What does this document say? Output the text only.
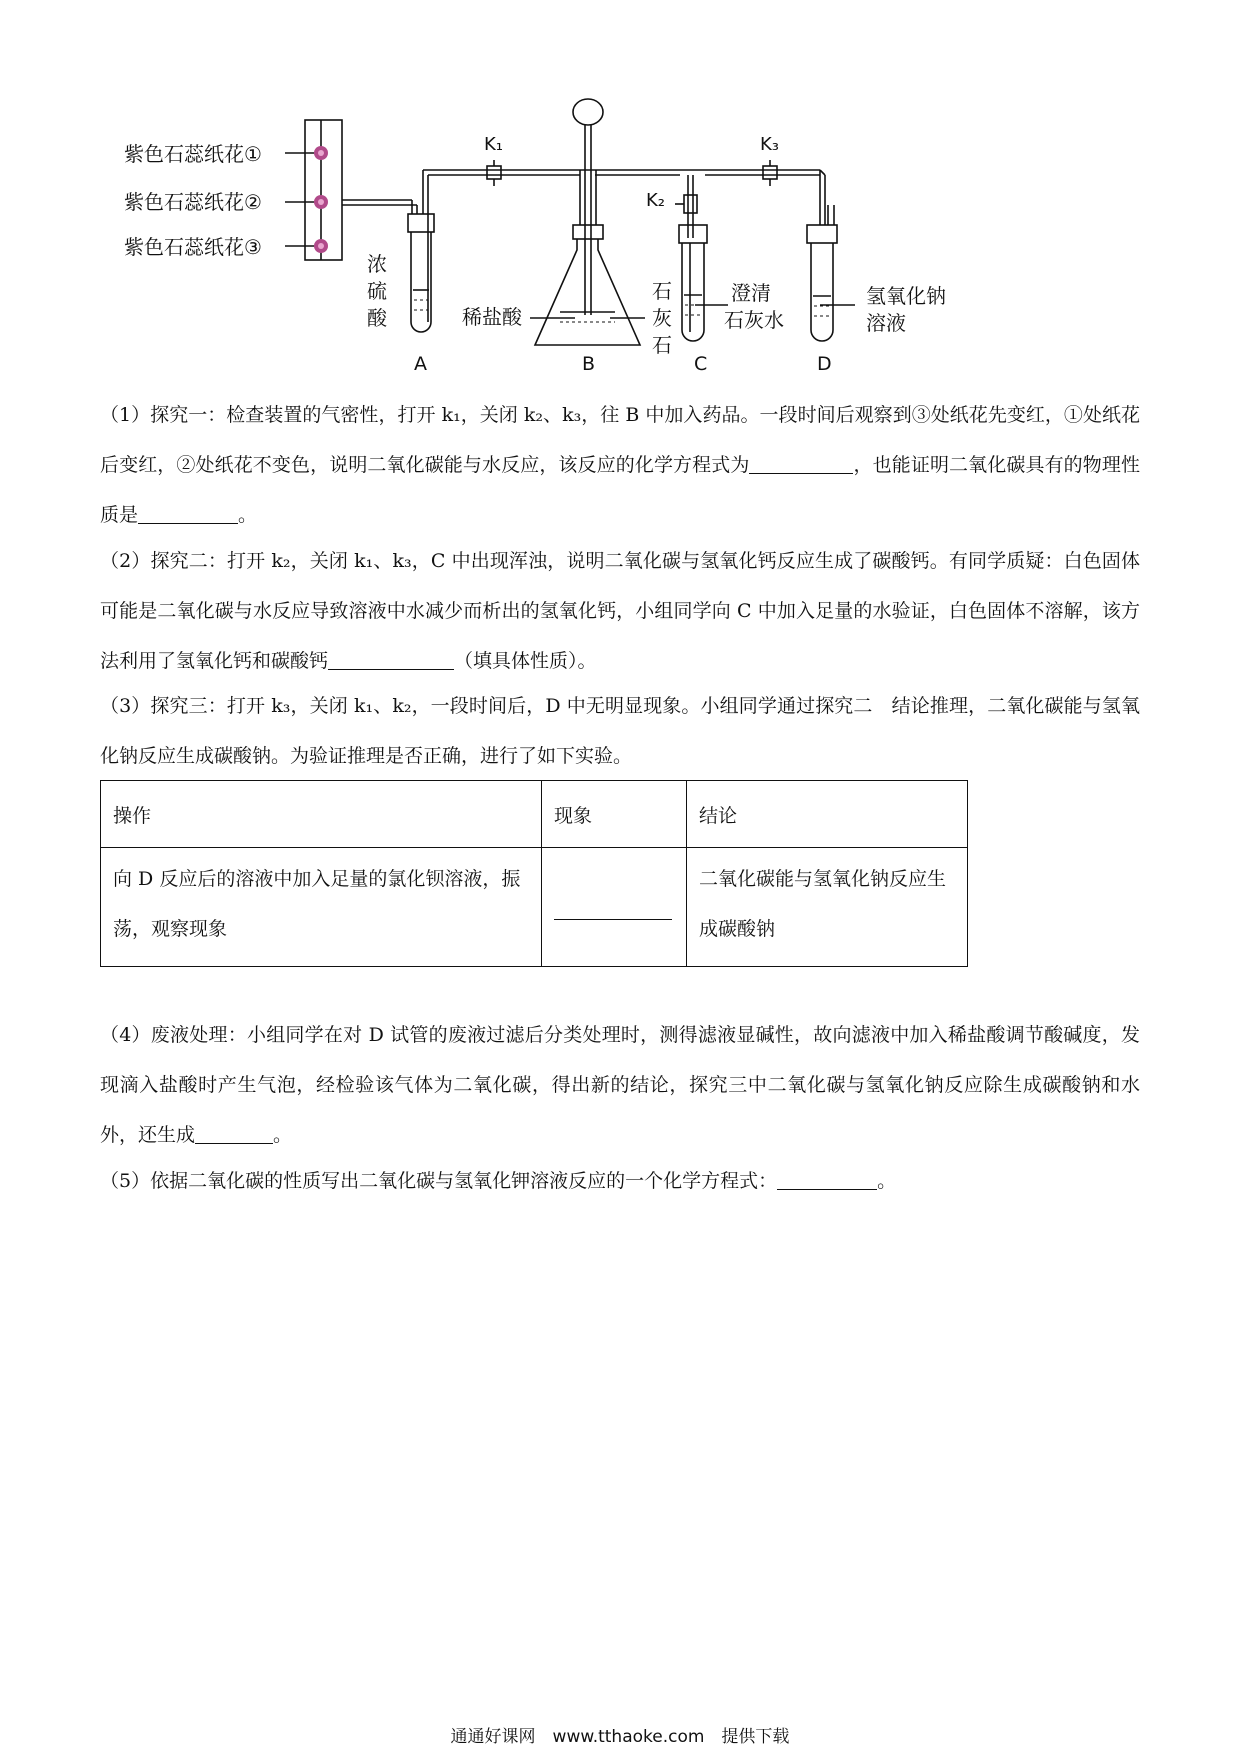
紫色石蕊纸花①
紫色石蕊纸花②
紫色石蕊纸花③
K₁	K₃
K₂
浓
硫
酸	稀盐酸
石
灰
石
澄清
石灰水
氢氧化钠
溶液
A	B	C	D

（1）探究一：检查装置的气密性，打开 k₁，关闭 k₂、k₃，往 B 中加入药品。一段时间后观察到③处纸花先变红，①处纸花后变红，②处纸花不变色，说明二氧化碳能与水反应，该反应的化学方程式为	，也能证明二氧化碳具有的物理性质是	。

（2）探究二：打开 k₂，关闭 k₁、k₃，C 中出现浑浊，说明二氧化碳与氢氧化钙反应生成了碳酸钙。有同学质疑：白色固体可能是二氧化碳与水反应导致溶液中水减少而析出的氢氧化钙，小组同学向 C 中加入足量的水验证，白色固体不溶解，该方法利用了氢氧化钙和碳酸钙	（填具体性质）。

（3）探究三：打开 k₃，关闭 k₁、k₂，一段时间后，D 中无明显现象。小组同学通过探究二　结论推理，二氧化碳能与氢氧化钠反应生成碳酸钠。为验证推理是否正确，进行了如下实验。

操作	现象	结论
向 D 反应后的溶液中加入足量的氯化钡溶液，振荡，观察现象		二氧化碳能与氢氧化钠反应生成碳酸钠

（4）废液处理：小组同学在对 D 试管的废液过滤后分类处理时，测得滤液显碱性，故向滤液中加入稀盐酸调节酸碱度，发现滴入盐酸时产生气泡，经检验该气体为二氧化碳，得出新的结论，探究三中二氧化碳与氢氧化钠反应除生成碳酸钠和水外，还生成	。

（5）依据二氧化碳的性质写出二氧化碳与氢氧化钾溶液反应的一个化学方程式：	。

通通好课网　www.tthaoke.com　提供下载
